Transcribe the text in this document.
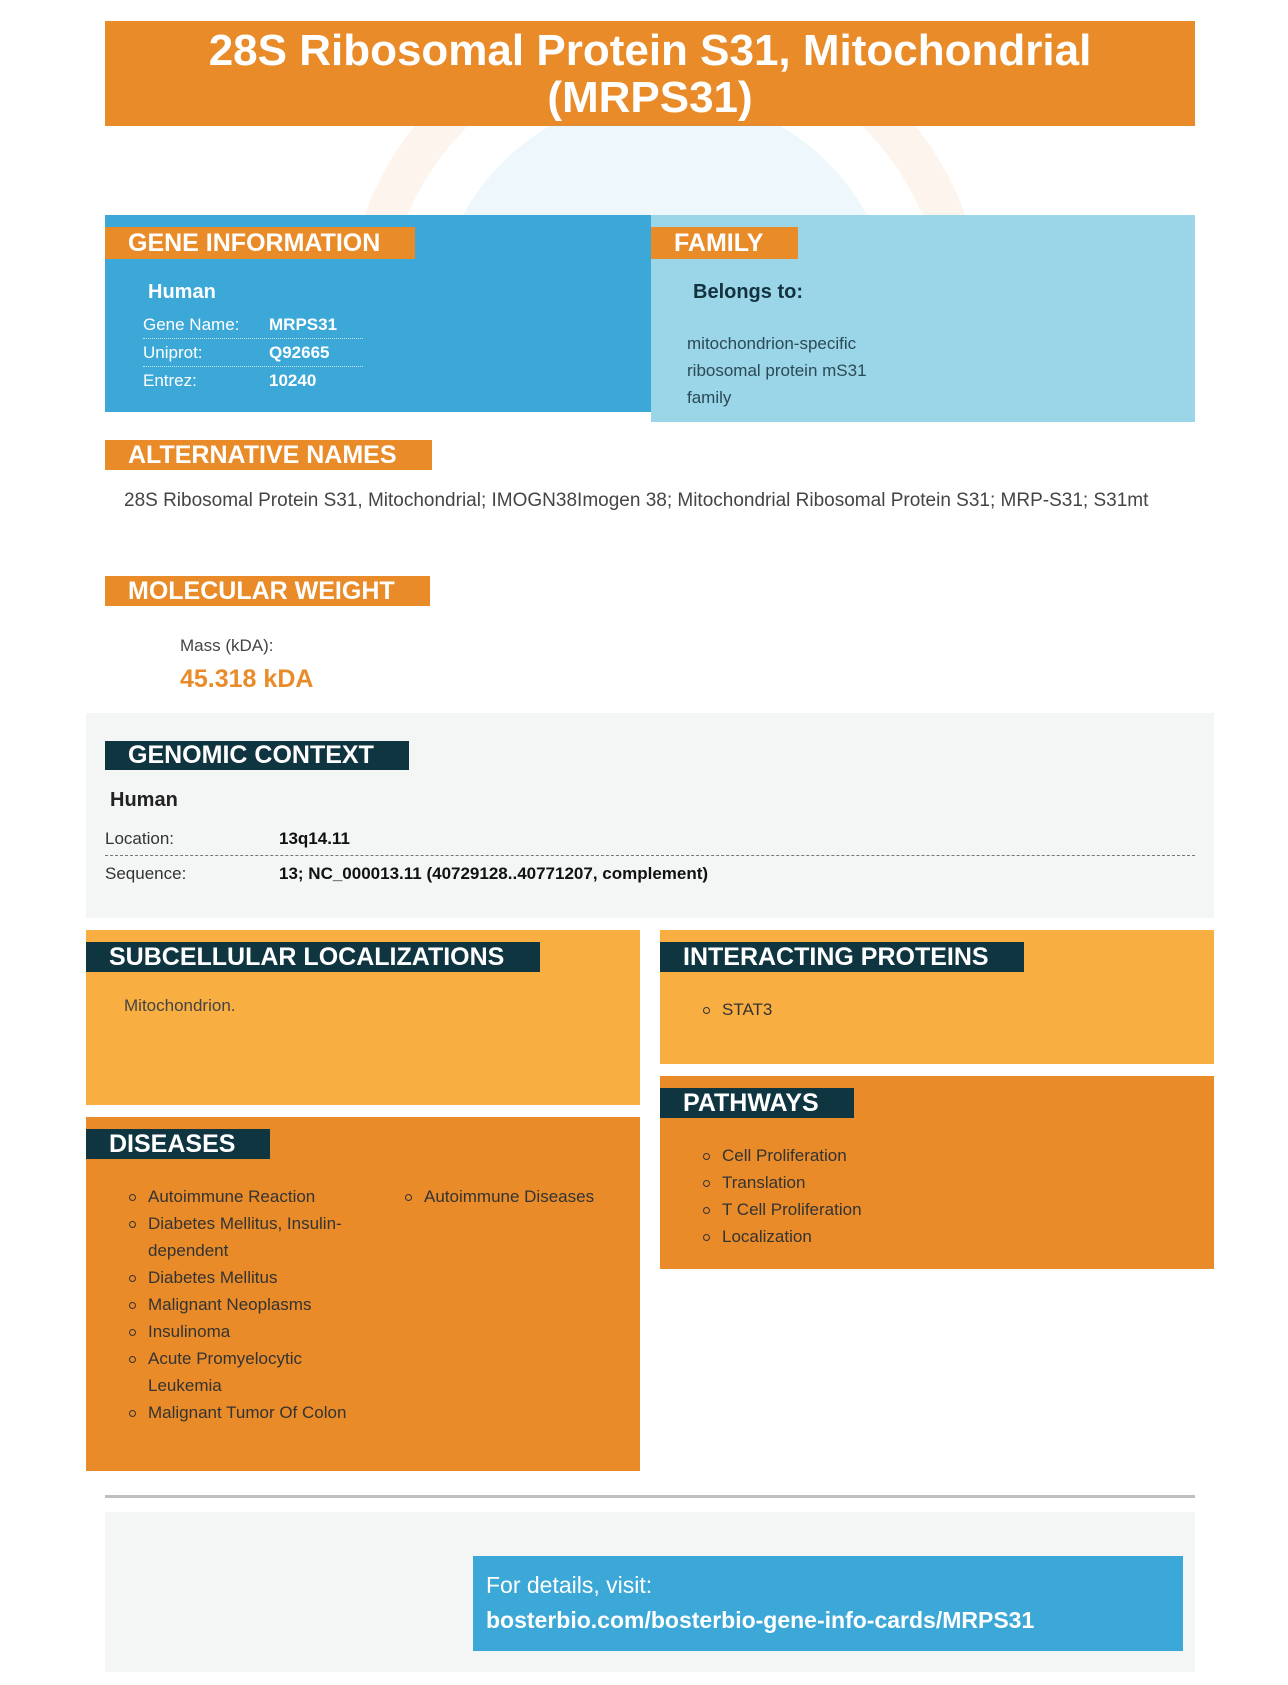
28S Ribosomal Protein S31, Mitochondrial (MRPS31)
GENE INFORMATION
Human
Gene Name:	MRPS31
Uniprot:	Q92665
Entrez:	10240
FAMILY
Belongs to:
mitochondrion-specific
ribosomal protein mS31
family
ALTERNATIVE NAMES
28S Ribosomal Protein S31, Mitochondrial; IMOGN38Imogen 38; Mitochondrial Ribosomal Protein S31; MRP-S31; S31mt
MOLECULAR WEIGHT
Mass (kDA):
45.318 kDA
GENOMIC CONTEXT
Human
Location:	13q14.11
Sequence:	13; NC_000013.11 (40729128..40771207, complement)
SUBCELLULAR LOCALIZATIONS
Mitochondrion.
INTERACTING PROTEINS
STAT3
DISEASES
Autoimmune Reaction
Diabetes Mellitus, Insulin-dependent
Diabetes Mellitus
Malignant Neoplasms
Insulinoma
Acute Promyelocytic Leukemia
Malignant Tumor Of Colon
Autoimmune Diseases
PATHWAYS
Cell Proliferation
Translation
T Cell Proliferation
Localization
For details, visit:
bosterbio.com/bosterbio-gene-info-cards/MRPS31
